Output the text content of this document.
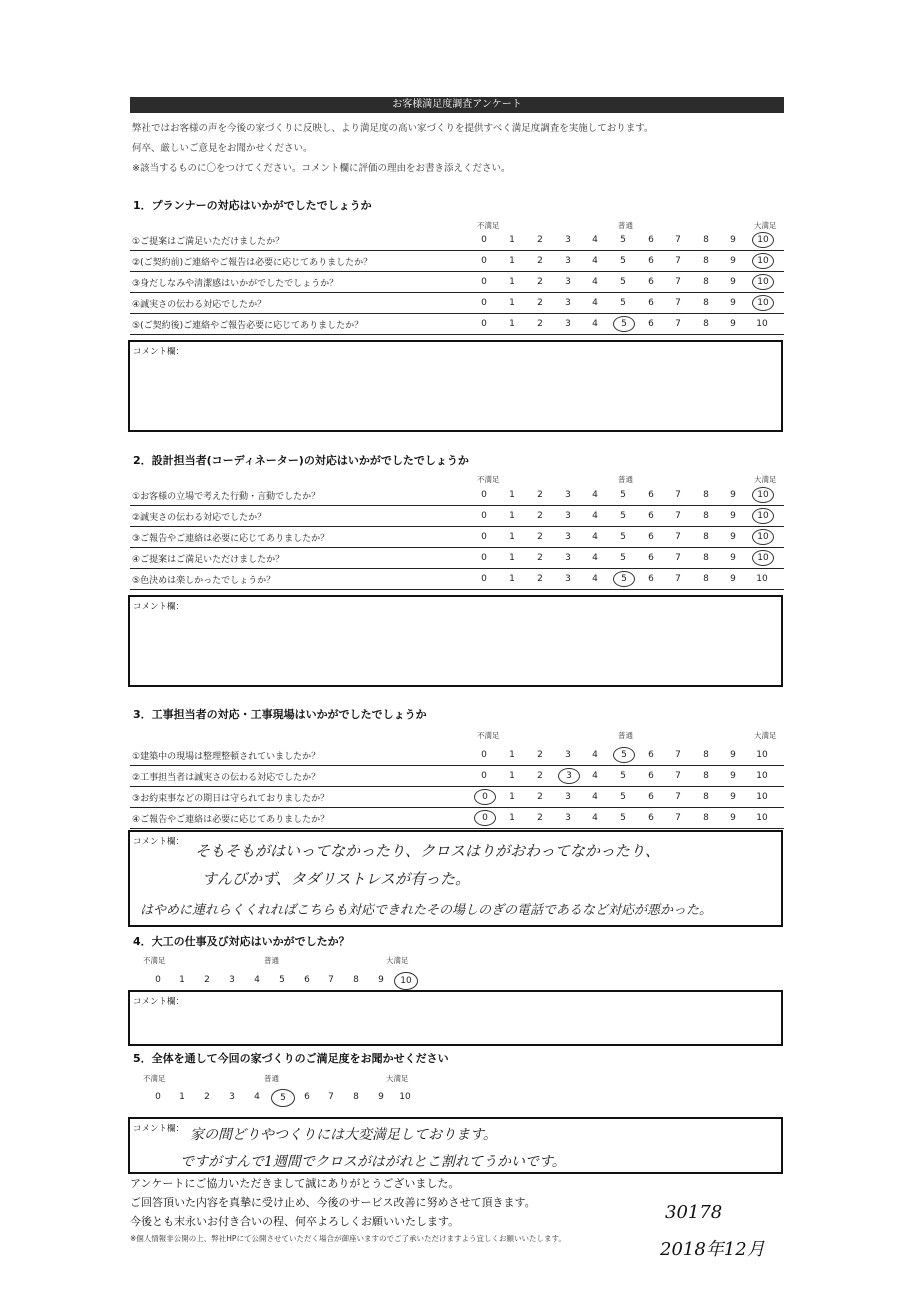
お客様満足度調査アンケート
弊社ではお客様の声を今後の家づくりに反映し、より満足度の高い家づくりを提供すべく満足度調査を実施しております。
何卒、厳しいご意見をお聞かせください。
※該当するものに〇をつけてください。コメント欄に評価の理由をお書き添えください。
1．プランナーの対応はいかがでしたでしょうか
不満足	普通	大満足
①ご提案はご満足いただけましたか？	0	1	2	3	4	5	6	7	8	9	10
②(ご契約前)ご連絡やご報告は必要に応じてありましたか？	0	1	2	3	4	5	6	7	8	9	10
③身だしなみや清潔感はいかがでしたでしょうか？	0	1	2	3	4	5	6	7	8	9	10
④誠実さの伝わる対応でしたか？	0	1	2	3	4	5	6	7	8	9	10
⑤(ご契約後)ご連絡やご報告必要に応じてありましたか？	0	1	2	3	4	5	6	7	8	9	10
コメント欄：
2．設計担当者(コーディネーター)の対応はいかがでしたでしょうか
不満足	普通	大満足
①お客様の立場で考えた行動・言動でしたか？	0	1	2	3	4	5	6	7	8	9	10
②誠実さの伝わる対応でしたか？	0	1	2	3	4	5	6	7	8	9	10
③ご報告やご連絡は必要に応じてありましたか？	0	1	2	3	4	5	6	7	8	9	10
④ご提案はご満足いただけましたか？	0	1	2	3	4	5	6	7	8	9	10
⑤色決めは楽しかったでしょうか？	0	1	2	3	4	5	6	7	8	9	10
コメント欄：
3．工事担当者の対応・工事現場はいかがでしたでしょうか
不満足	普通	大満足
①建築中の現場は整理整頓されていましたか？	0	1	2	3	4	5	6	7	8	9	10
②工事担当者は誠実さの伝わる対応でしたか？	0	1	2	3	4	5	6	7	8	9	10
③お約束事などの期日は守られておりましたか？	0	1	2	3	4	5	6	7	8	9	10
④ご報告やご連絡は必要に応じてありましたか？	0	1	2	3	4	5	6	7	8	9	10
コメント欄： そもそもがはいってなかったり、クロスはりがおわってなかったり、
すんびかず、タダリストレスが有った。
はやめに連れらくくれればこちらも対応できれたその場しのぎの電話であるなど対応が悪かった。
4．大工の仕事及び対応はいかがでしたか？
不満足	普通	大満足
0	1	2	3	4	5	6	7	8	9	10
コメント欄：
5．全体を通して今回の家づくりのご満足度をお聞かせください
不満足	普通	大満足
0	1	2	3	4	5	6	7	8	9	10
コメント欄： 家の間どりやつくりには大変満足しております。
ですがすんで1週間でクロスがはがれとこ割れてうかいです。
アンケートにご協力いただきまして誠にありがとうございました。
ご回答頂いた内容を真摯に受け止め、今後のサービス改善に努めさせて頂きます。
今後とも末永いお付き合いの程、何卒よろしくお願いいたします。
※個人情報非公開の上、弊社HPにて公開させていただく場合が御座いますのでご了承いただけますよう宜しくお願いいたします。
30178
2018年12月
